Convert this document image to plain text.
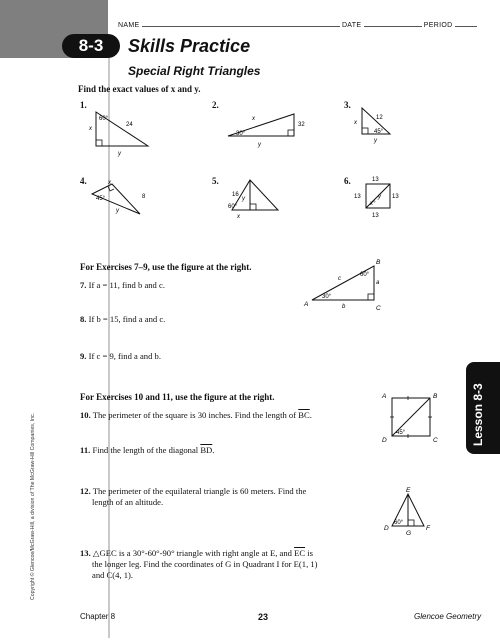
NAME	DATE	PERIOD
8-3	Skills Practice
Special Right Triangles
Find the exact values of x and y.
1.
60°
x
24
y
2.
x
32
30°
y
3.
x
12
45°
y
4.	x
45°	8
y
5.
16
y
60°
x
6.	13
13	13
13
y
x°
For Exercises 7–9, use the figure at the right.
7. If a = 11, find b and c.
8. If b = 15, find a and c.
9. If c = 9, find a and b.
A
B
C
a
b
c
30°
60°
For Exercises 10 and 11, use the figure at the right.
10. The perimeter of the square is 30 inches. Find the length of $\overline{BC}$.
11. Find the length of the diagonal $\overline{BD}$.
A	B
C
D
45°
12. The perimeter of the equilateral triangle is 60 meters. Find the
length of an altitude.
E
D	F
G
60°
13. △GEC is a 30°-60°-90° triangle with right angle at E, and $\overline{EC}$ is
the longer leg. Find the coordinates of G in Quadrant I for E(1, 1)
and C(4, 1).
Lesson 8-3
Copyright © Glencoe/McGraw-Hill, a division of The McGraw-Hill Companies, Inc.
Chapter 8	23	Glencoe Geometry
